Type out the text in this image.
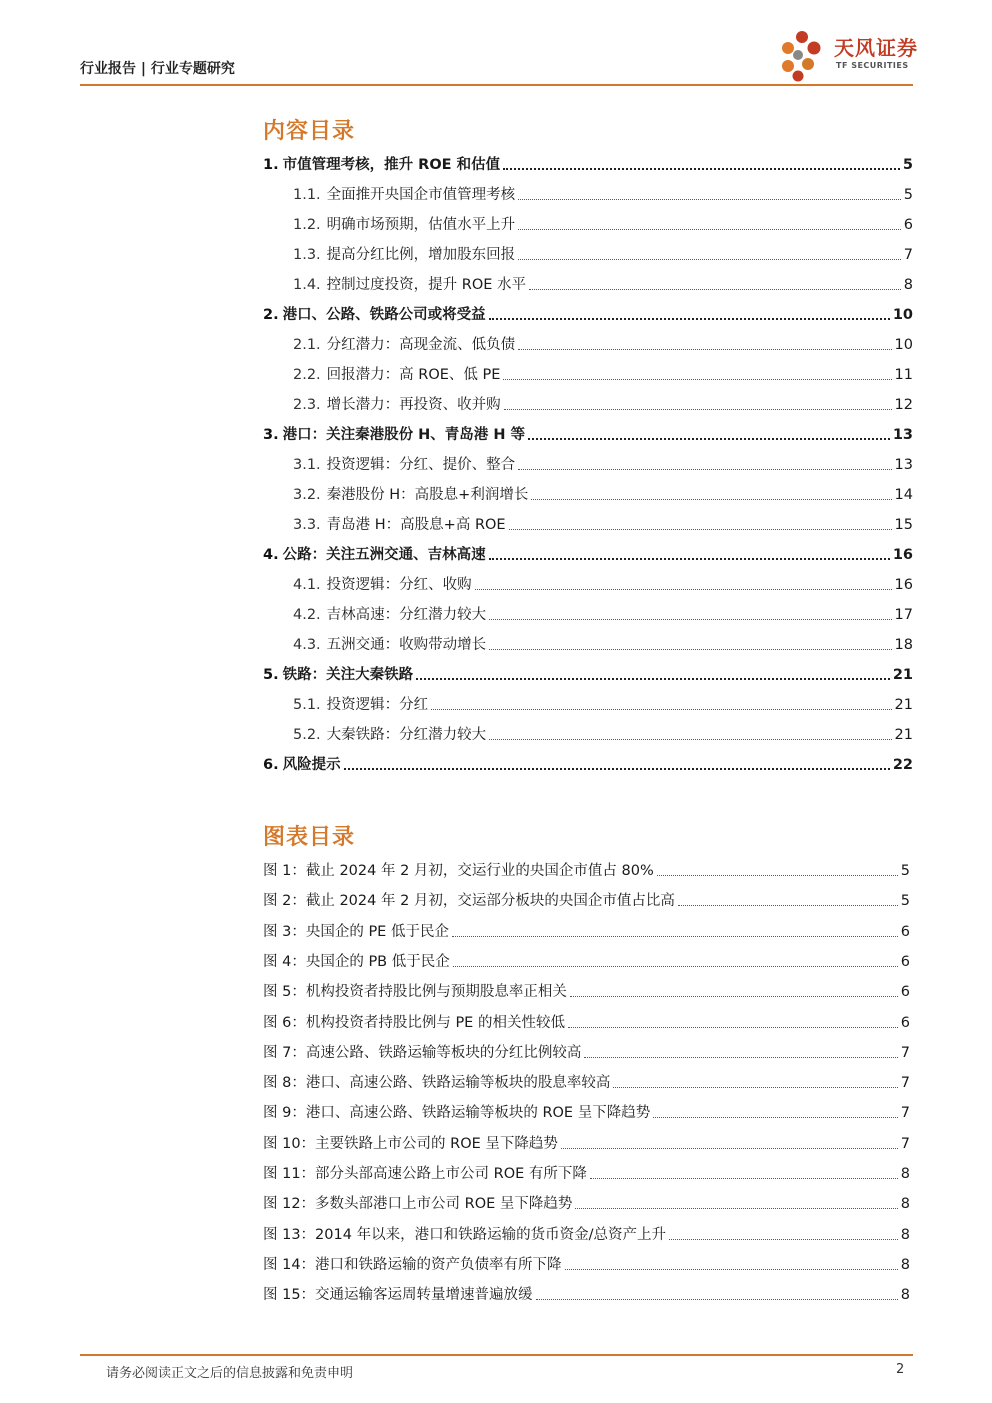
行业报告 | 行业专题研究
天风证券
TF SECURITIES
内容目录
1. 市值管理考核，推升 ROE 和估值	5
1.1. 全面推开央国企市值管理考核	5
1.2. 明确市场预期，估值水平上升	6
1.3. 提高分红比例，增加股东回报	7
1.4. 控制过度投资，提升 ROE 水平	8
2. 港口、公路、铁路公司或将受益	10
2.1. 分红潜力：高现金流、低负债	10
2.2. 回报潜力：高 ROE、低 PE	11
2.3. 增长潜力：再投资、收并购	12
3. 港口：关注秦港股份 H、青岛港 H 等	13
3.1. 投资逻辑：分红、提价、整合	13
3.2. 秦港股份 H：高股息+利润增长	14
3.3. 青岛港 H：高股息+高 ROE	15
4. 公路：关注五洲交通、吉林高速	16
4.1. 投资逻辑：分红、收购	16
4.2. 吉林高速：分红潜力较大	17
4.3. 五洲交通：收购带动增长	18
5. 铁路：关注大秦铁路	21
5.1. 投资逻辑：分红	21
5.2. 大秦铁路：分红潜力较大	21
6. 风险提示	22
图表目录
图 1：截止 2024 年 2 月初，交运行业的央国企市值占 80%	5
图 2：截止 2024 年 2 月初，交运部分板块的央国企市值占比高	5
图 3：央国企的 PE 低于民企	6
图 4：央国企的 PB 低于民企	6
图 5：机构投资者持股比例与预期股息率正相关	6
图 6：机构投资者持股比例与 PE 的相关性较低	6
图 7：高速公路、铁路运输等板块的分红比例较高	7
图 8：港口、高速公路、铁路运输等板块的股息率较高	7
图 9：港口、高速公路、铁路运输等板块的 ROE 呈下降趋势	7
图 10：主要铁路上市公司的 ROE 呈下降趋势	7
图 11：部分头部高速公路上市公司 ROE 有所下降	8
图 12：多数头部港口上市公司 ROE 呈下降趋势	8
图 13：2014 年以来，港口和铁路运输的货币资金/总资产上升	8
图 14：港口和铁路运输的资产负债率有所下降	8
图 15：交通运输客运周转量增速普遍放缓	8
请务必阅读正文之后的信息披露和免责申明	2
